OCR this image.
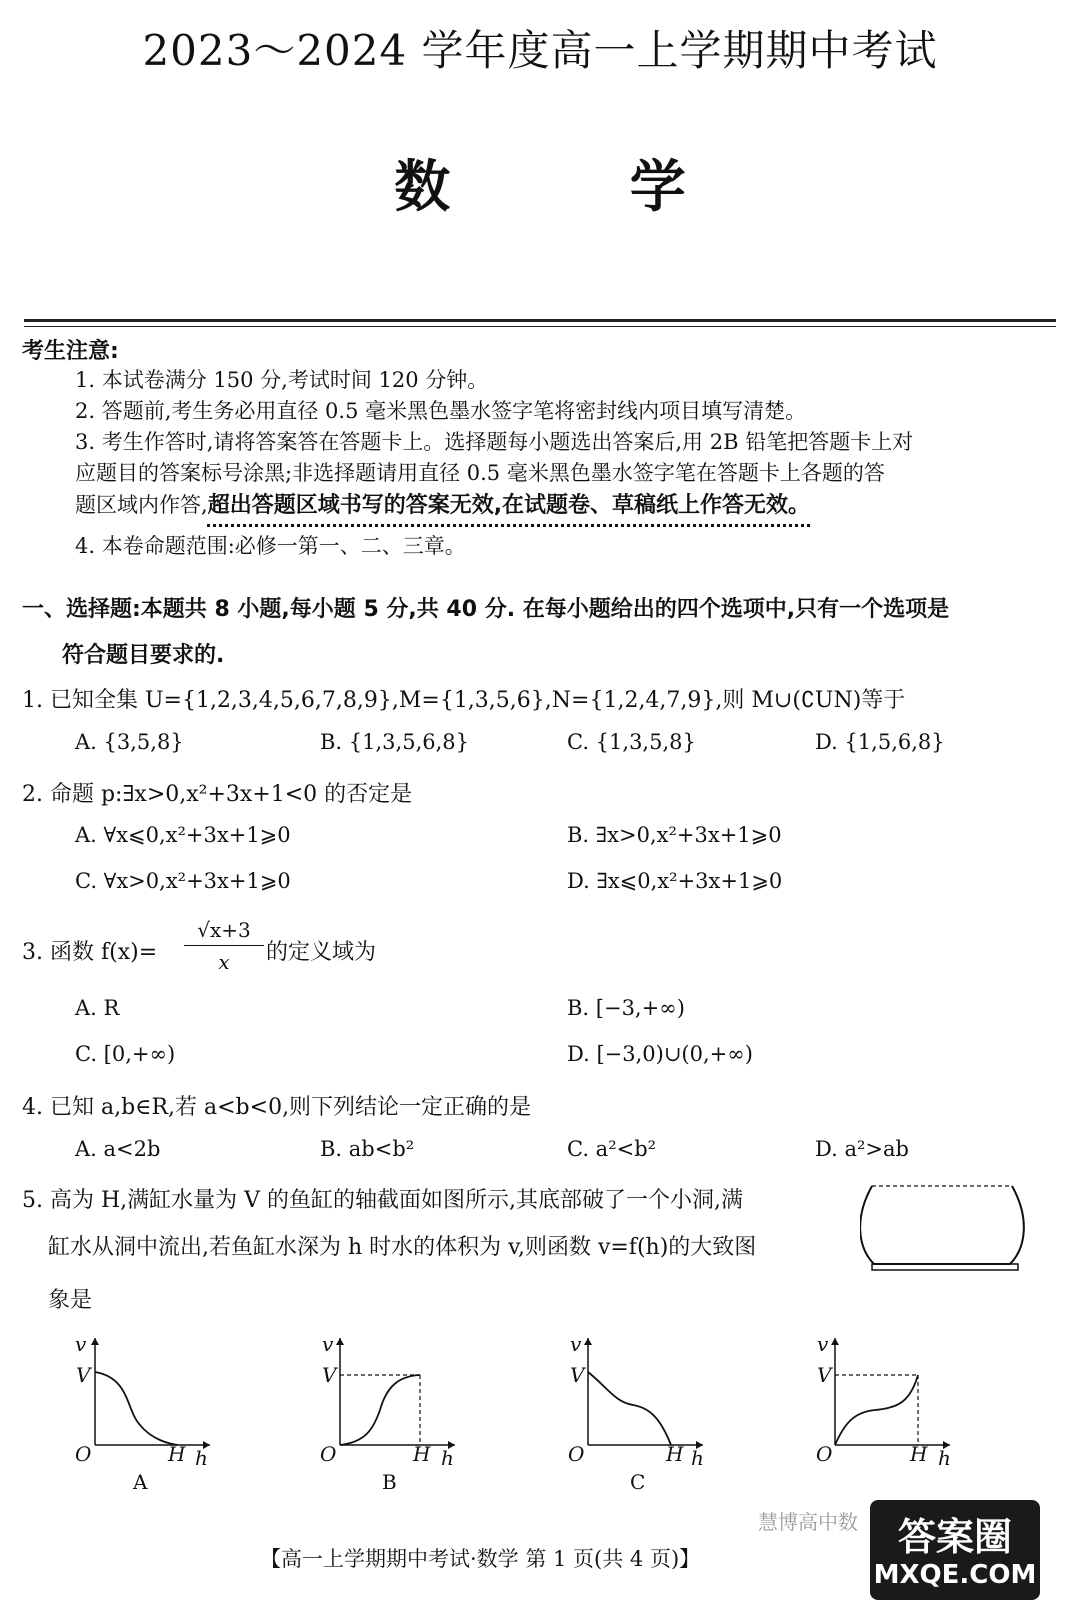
2023～2024 学年度高一上学期期中考试
数 学
考生注意:
1. 本试卷满分 150 分,考试时间 120 分钟。
2. 答题前,考生务必用直径 0.5 毫米黑色墨水签字笔将密封线内项目填写清楚。
3. 考生作答时,请将答案答在答题卡上。选择题每小题选出答案后,用 2B 铅笔把答题卡上对
应题目的答案标号涂黑;非选择题请用直径 0.5 毫米黑色墨水签字笔在答题卡上各题的答
题区域内作答,超出答题区域书写的答案无效,在试题卷、草稿纸上作答无效。
4. 本卷命题范围:必修一第一、二、三章。
一、选择题:本题共 8 小题,每小题 5 分,共 40 分. 在每小题给出的四个选项中,只有一个选项是
符合题目要求的.
1. 已知全集 U={1,2,3,4,5,6,7,8,9},M={1,3,5,6},N={1,2,4,7,9},则 M∪(∁UN)等于
A. {3,5,8}	B. {1,3,5,6,8}	C. {1,3,5,8}	D. {1,5,6,8}
2. 命题 p:∃x>0,x²+3x+1<0 的否定是
A. ∀x⩽0,x²+3x+1⩾0	B. ∃x>0,x²+3x+1⩾0
C. ∀x>0,x²+3x+1⩾0	D. ∃x⩽0,x²+3x+1⩾0
3. 函数 f(x)=
√x+3
x	的定义域为
A. R	B. [−3,+∞)
C. [0,+∞)	D. [−3,0)∪(0,+∞)
4. 已知 a,b∈R,若 a<b<0,则下列结论一定正确的是
A. a<2b	B. ab<b²	C. a²<b²	D. a²>ab
5. 高为 H,满缸水量为 V 的鱼缸的轴截面如图所示,其底部破了一个小洞,满
缸水从洞中流出,若鱼缸水深为 h 时水的体积为 v,则函数 v=f(h)的大致图
象是
v
V
O	H h
A
v
V
O	H h
B
v
V
O	H h
C
v
V
O	H h
【高一上学期期中考试·数学 第 1 页(共 4 页)】
慧博高中数	答案圈
MXQE.COM
